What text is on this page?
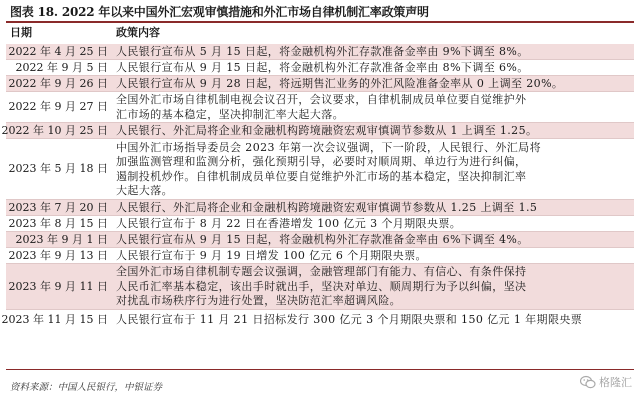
图表 18. 2022 年以来中国外汇宏观审慎措施和外汇市场自律机制汇率政策声明
日期	政策内容
2022 年 4 月 25 日 人民银行宣布从 5 月 15 日起，将金融机构外汇存款准备金率由 9%下调至 8%。
2022 年 9 月 5 日 人民银行宣布从 9 月 15 日起，将金融机构外汇存款准备金率由 8%下调至 6%。
2022 年 9 月 26 日 人民银行宣布从 9 月 28 日起，将远期售汇业务的外汇风险准备金率从 0 上调至 20%。
2022 年 9 月 27 日
全国外汇市场自律机制电视会议召开，会议要求，自律机制成员单位要自觉维护外
汇市场的基本稳定，坚决抑制汇率大起大落。
2022 年 10 月 25 日 人民银行、外汇局将企业和金融机构跨境融资宏观审慎调节参数从 1 上调至 1.25。
2023 年 5 月 18 日
中国外汇市场指导委员会 2023 年第一次会议强调，下一阶段，人民银行、外汇局将
加强监测管理和监测分析，强化预期引导，必要时对顺周期、单边行为进行纠偏，
遏制投机炒作。自律机制成员单位要自觉维护外汇市场的基本稳定，坚决抑制汇率
大起大落。
2023 年 7 月 20 日 人民银行、外汇局将企业和金融机构跨境融资宏观审慎调节参数从 1.25 上调至 1.5
2023 年 8 月 15 日 人民银行宣布于 8 月 22 日在香港增发 100 亿元 3 个月期限央票。
2023 年 9 月 1 日 人民银行宣布从 9 月 15 日起，将金融机构外汇存款准备金率由 6%下调至 4%。
2023 年 9 月 13 日 人民银行宣布于 9 月 19 日增发 100 亿元 6 个月期限央票。
2023 年 9 月 11 日
全国外汇市场自律机制专题会议强调，金融管理部门有能力、有信心、有条件保持
人民币汇率基本稳定，该出手时就出手，坚决对单边、顺周期行为予以纠偏，坚决
对扰乱市场秩序行为进行处置，坚决防范汇率超调风险。
2023 年 11 月 15 日 人民银行宣布于 11 月 21 日招标发行 300 亿元 3 个月期限央票和 150 亿元 1 年期限央票
资料来源：中国人民银行，中银证券	格隆汇
